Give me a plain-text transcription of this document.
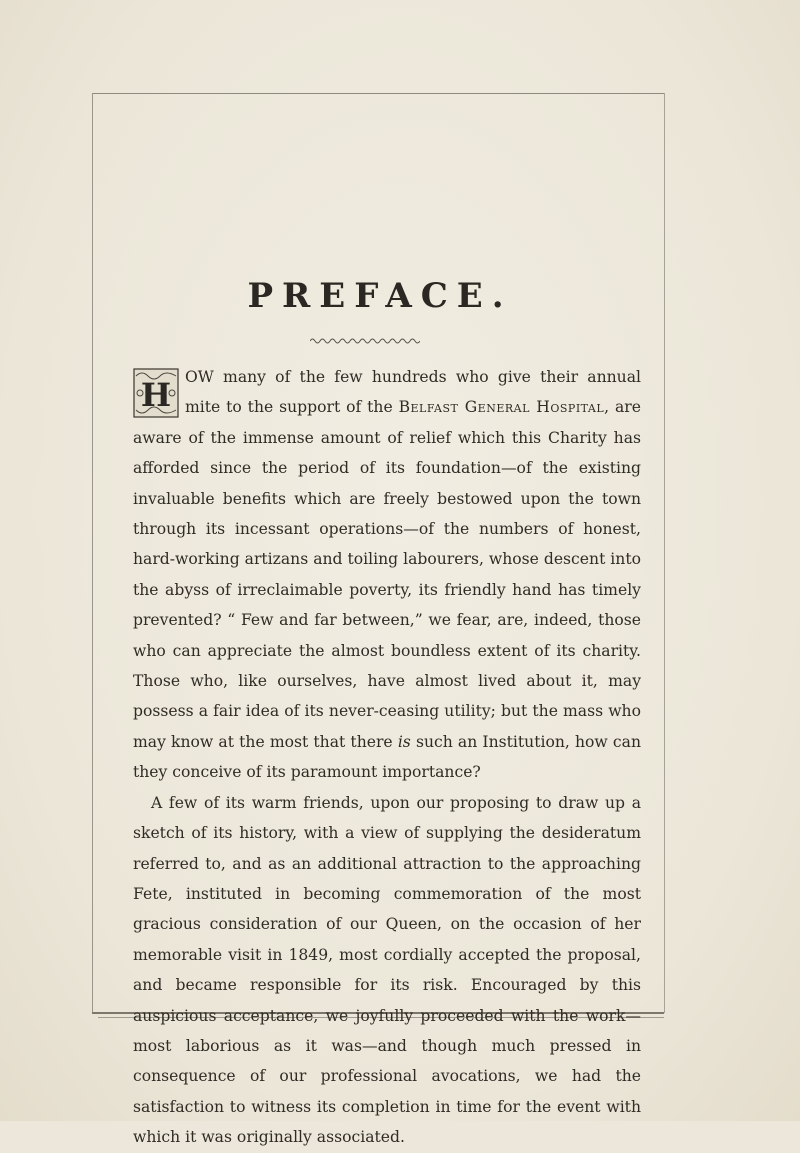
PREFACE.

H OW many of the few hundreds who give their annual mite to the support of the Belfast General Hospital, are aware of the immense amount of relief which this Charity has afforded since the period of its foundation—of the existing invaluable benefits which are freely bestowed upon the town through its incessant operations—of the numbers of honest, hard-working artizans and toiling labourers, whose descent into the abyss of irreclaimable poverty, its friendly hand has timely prevented? “ Few and far between,” we fear, are, indeed, those who can appreciate the almost boundless extent of its charity. Those who, like ourselves, have almost lived about it, may possess a fair idea of its never-ceasing utility; but the mass who may know at the most that there is such an Institution, how can they conceive of its paramount importance?

A few of its warm friends, upon our proposing to draw up a sketch of its history, with a view of supplying the desideratum referred to, and as an additional attraction to the approaching Fete, instituted in becoming commemoration of the most gracious consideration of our Queen, on the occasion of her memorable visit in 1849, most cordially accepted the proposal, and became responsible for its risk. Encouraged by this auspicious acceptance, we joyfully proceeded with the work—most laborious as it was—and though much pressed in consequence of our professional avocations, we had the satisfaction to witness its completion in time for the event with which it was originally associated.
